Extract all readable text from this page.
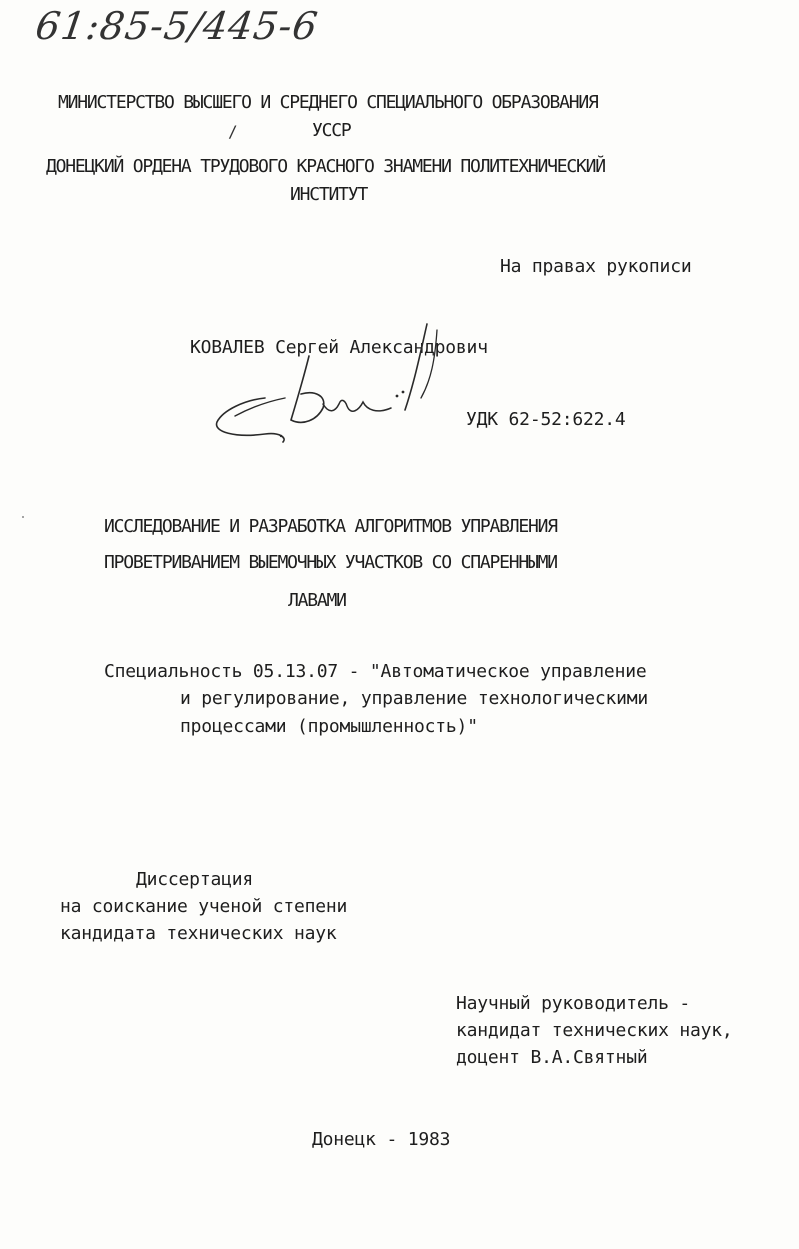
61:85-5/445-6
МИНИСТЕРСТВО ВЫСШЕГО И СРЕДНЕГО СПЕЦИАЛЬНОГО ОБРАЗОВАНИЯ
/	УССР
ДОНЕЦКИЙ ОРДЕНА ТРУДОВОГО КРАСНОГО ЗНАМЕНИ ПОЛИТЕХНИЧЕСКИЙ
ИНСТИТУТ
На правах рукописи
КОВАЛЕВ Сергей Александрович
УДК 62-52:622.4
ИССЛЕДОВАНИЕ И РАЗРАБОТКА АЛГОРИТМОВ УПРАВЛЕНИЯ
ПРОВЕТРИВАНИЕМ ВЫЕМОЧНЫХ УЧАСТКОВ СО СПАРЕННЫМИ
ЛАВАМИ
Специальность 05.13.07 - "Автоматическое управление
и регулирование, управление технологическими
процессами (промышленность)"
Диссертация
на соискание ученой степени
кандидата технических наук
Научный руководитель -
кандидат технических наук,
доцент В.А.Святный
Донецк - 1983
